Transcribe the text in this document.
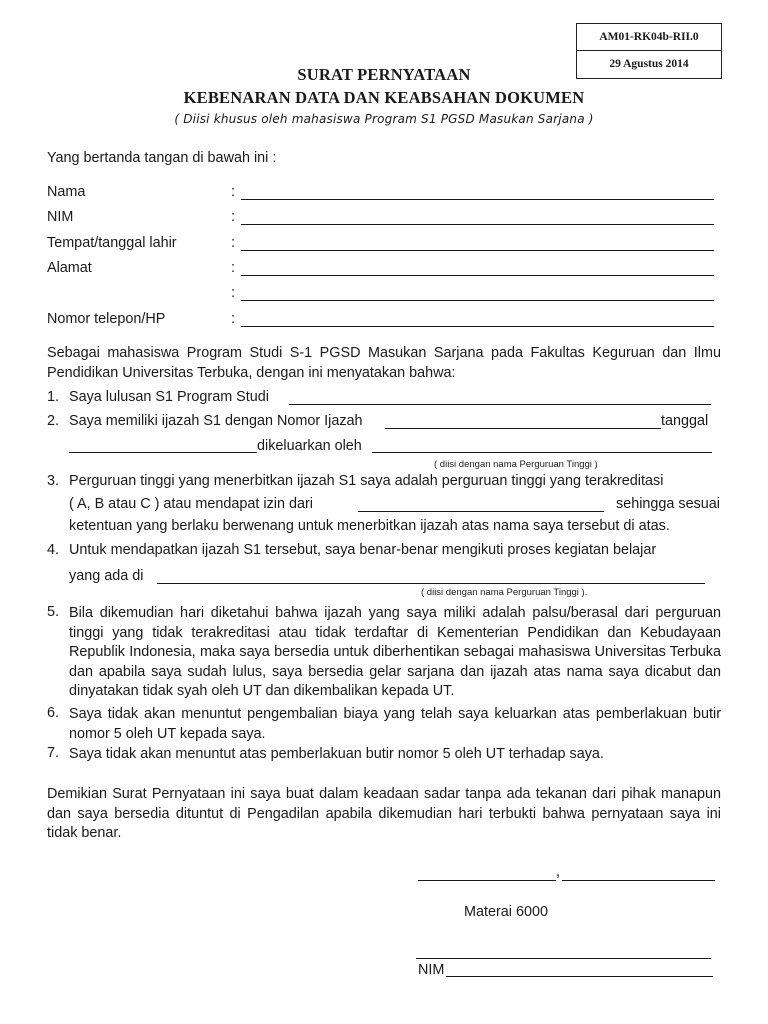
AM01-RK04b-RII.0
29 Agustus 2014
SURAT PERNYATAAN
KEBENARAN DATA DAN KEABSAHAN DOKUMEN
( Diisi khusus oleh mahasiswa Program S1 PGSD Masukan Sarjana )
Yang bertanda tangan di bawah ini :
Nama	:
NIM	:
Tempat/tanggal lahir	:
Alamat	:
:
Nomor telepon/HP	:
Sebagai mahasiswa Program Studi S-1 PGSD Masukan Sarjana pada Fakultas Keguruan dan Ilmu Pendidikan Universitas Terbuka, dengan ini menyatakan bahwa:
1. Saya lulusan S1 Program Studi
2. Saya memiliki ijazah S1 dengan Nomor Ijazah	tanggal
dikeluarkan oleh
( diisi dengan nama Perguruan Tinggi )
3. Perguruan tinggi yang menerbitkan ijazah S1 saya adalah perguruan tinggi yang terakreditasi
( A, B atau C ) atau mendapat izin dari	sehingga sesuai
ketentuan yang berlaku berwenang untuk menerbitkan ijazah atas nama saya tersebut di atas.
4. Untuk mendapatkan ijazah S1 tersebut, saya benar-benar mengikuti proses kegiatan belajar
yang ada di
( diisi dengan nama Perguruan Tinggi ).
5. Bila dikemudian hari diketahui bahwa ijazah yang saya miliki adalah palsu/berasal dari perguruan tinggi yang tidak terakreditasi atau tidak terdaftar di Kementerian Pendidikan dan Kebudayaan Republik Indonesia, maka saya bersedia untuk diberhentikan sebagai mahasiswa Universitas Terbuka dan apabila saya sudah lulus, saya bersedia gelar sarjana dan ijazah atas nama saya dicabut dan dinyatakan tidak syah oleh UT dan dikembalikan kepada UT.
6. Saya tidak akan menuntut pengembalian biaya yang telah saya keluarkan atas pemberlakuan butir nomor 5 oleh UT kepada saya.
7. Saya tidak akan menuntut atas pemberlakuan butir nomor 5 oleh UT terhadap saya.
Demikian Surat Pernyataan ini saya buat dalam keadaan sadar tanpa ada tekanan dari pihak manapun dan saya bersedia dituntut di Pengadilan apabila dikemudian hari terbukti bahwa pernyataan saya ini tidak benar.
,
Materai 6000
NIM
